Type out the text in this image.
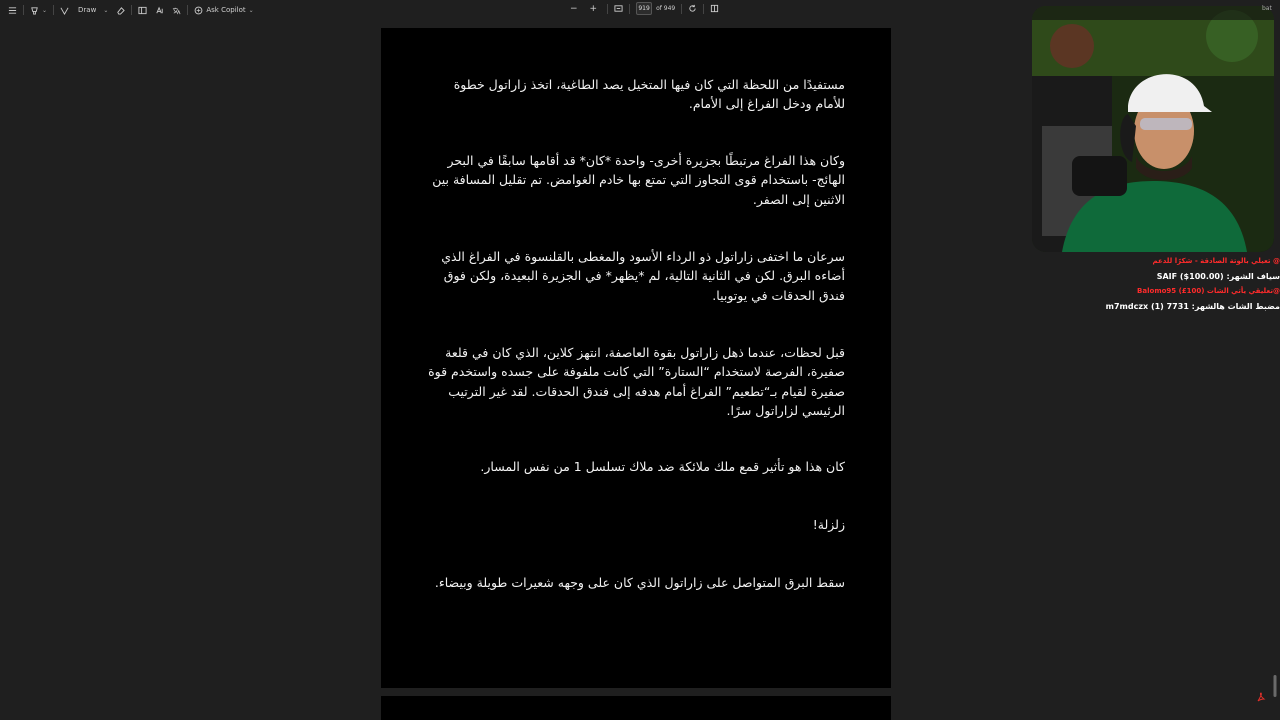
⌄	Draw	⌄	Ask Copilot ⌄	−	+	919	of 949
مستفيدًا من اللحظة التي كان فيها المتخيل يصد الطاغية، اتخذ زاراتول خطوة للأمام ودخل الفراغ إلى الأمام.
وكان هذا الفراغ مرتبطًا بجزيرة أخرى- واحدة *كان* قد أقامها سابقًا في البحر الهائج- باستخدام قوى التجاوز التي تمتع بها خادم الغوامض. تم تقليل المسافة بين الاثنين إلى الصفر.
سرعان ما اختفى زاراتول ذو الرداء الأسود والمغطى بالقلنسوة في الفراغ الذي أضاءه البرق. لكن في الثانية التالية، لم *يظهر* في الجزيرة البعيدة، ولكن فوق فندق الحدقات في يوتوبيا.
قبل لحظات، عندما ذهل زاراتول بقوة العاصفة، انتهز كلاين، الذي كان في قلعة صفيرة، الفرصة لاستخدام “الستارة” التي كانت ملفوفة على جسده واستخدم قوة صفيرة لقيام بـ“تطعيم” الفراغ أمام هدفه إلى فندق الحدقات. لقد غير الترتيب الرئيسي لزاراتول سرًا.
كان هذا هو تأثير قمع ملك ملائكة ضد ملاك تسلسل 1 من نفس المسار.
زلزلة!
سقط البرق المتواصل على زاراتول الذي كان على وجهه شعيرات طويلة وبيضاء.
@ تعيلي بالوتة الصادقة - شكرًا للدعم
سياف الشهر: SAIF ($100.00)
@تعليقي يأتي الشات Balomo95 (£100)
مضبط الشات هالشهر: m7mdczx (1) 7731
bat
